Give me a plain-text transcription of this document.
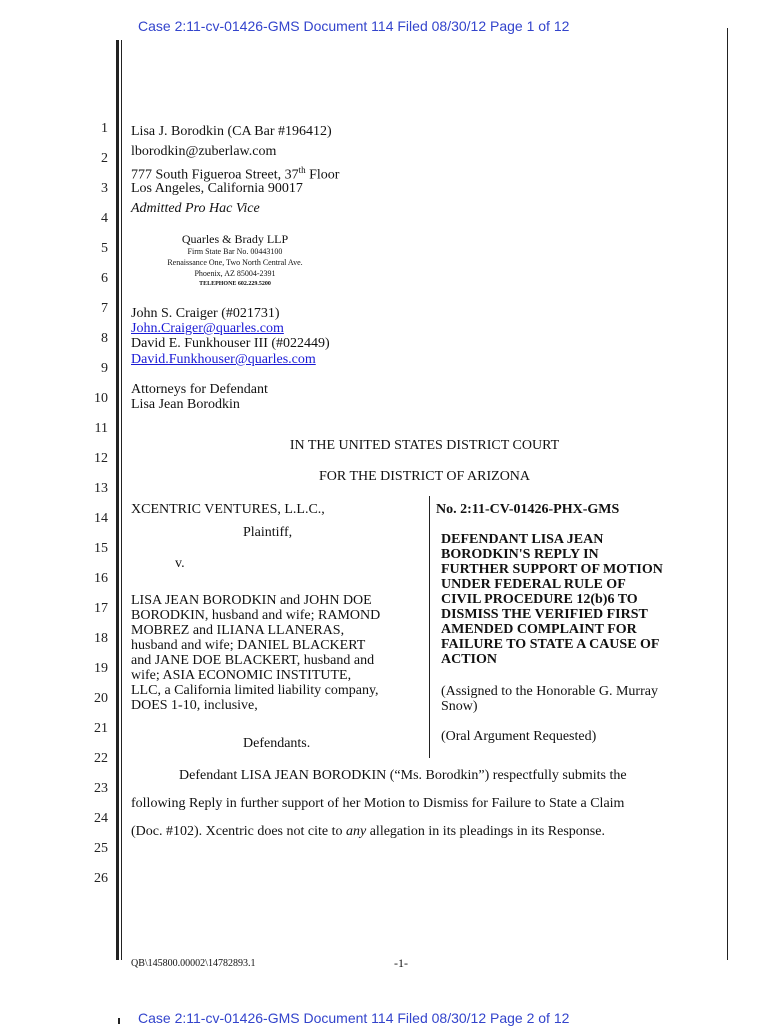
Case 2:11-cv-01426-GMS Document 114 Filed 08/30/12 Page 1 of 12
1
2
3
4
5
6
7
8
9
10
11
12
13
14
15
16
17
18
19
20
21
22
23
24
25
26
Lisa J. Borodkin (CA Bar #196412)
lborodkin@zuberlaw.com
777 South Figueroa Street, 37th Floor
Los Angeles, California 90017
Admitted Pro Hac Vice
Quarles & Brady LLP
Firm State Bar No. 00443100
Renaissance One, Two North Central Ave.
Phoenix, AZ 85004-2391
TELEPHONE 602.229.5200
John S. Craiger (#021731)
John.Craiger@quarles.com
David E. Funkhouser III (#022449)
David.Funkhouser@quarles.com
Attorneys for Defendant
Lisa Jean Borodkin
IN THE UNITED STATES DISTRICT COURT
FOR THE DISTRICT OF ARIZONA
XCENTRIC VENTURES, L.L.C.,
Plaintiff,
v.
LISA JEAN BORODKIN and JOHN DOE
BORODKIN, husband and wife; RAMOND
MOBREZ and ILIANA LLANERAS,
husband and wife; DANIEL BLACKERT
and JANE DOE BLACKERT, husband and
wife; ASIA ECONOMIC INSTITUTE,
LLC, a California limited liability company,
DOES 1-10, inclusive,
Defendants.
No. 2:11-CV-01426-PHX-GMS
DEFENDANT LISA JEAN
BORODKIN'S REPLY IN
FURTHER SUPPORT OF MOTION
UNDER FEDERAL RULE OF
CIVIL PROCEDURE 12(b)6 TO
DISMISS THE VERIFIED FIRST
AMENDED COMPLAINT FOR
FAILURE TO STATE A CAUSE OF
ACTION
(Assigned to the Honorable G. Murray
Snow)
(Oral Argument Requested)
Defendant LISA JEAN BORODKIN (“Ms. Borodkin”) respectfully submits the
following Reply in further support of her Motion to Dismiss for Failure to State a Claim
(Doc. #102). Xcentric does not cite to any allegation in its pleadings in its Response.
QB\145800.00002\14782893.1	-1-
Case 2:11-cv-01426-GMS Document 114 Filed 08/30/12 Page 2 of 12
